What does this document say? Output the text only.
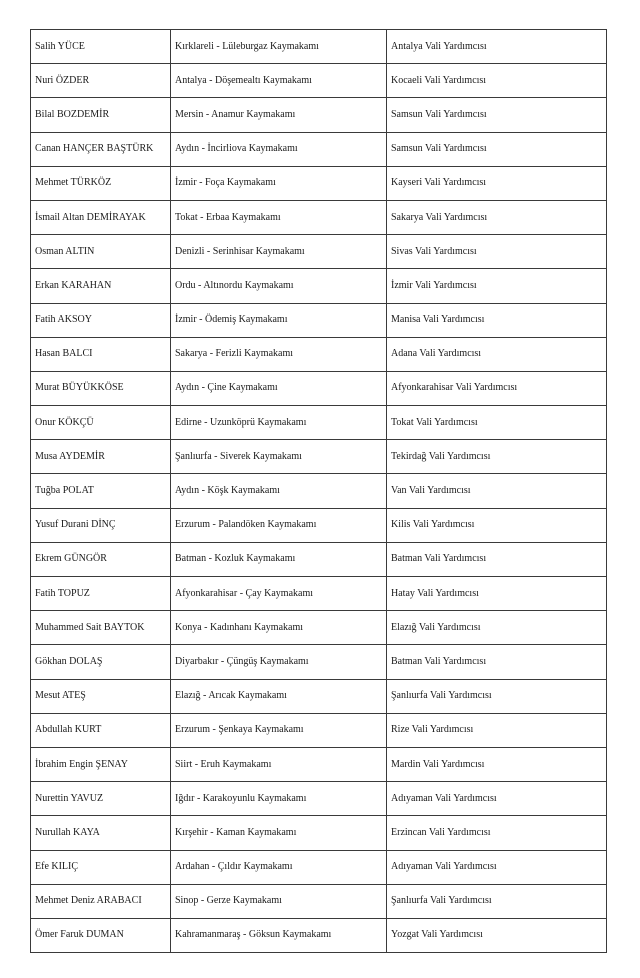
Salih YÜCE	Kırklareli - Lüleburgaz Kaymakamı	Antalya Vali Yardımcısı
Nuri ÖZDER	Antalya - Döşemealtı Kaymakamı	Kocaeli Vali Yardımcısı
Bilal BOZDEMİR	Mersin - Anamur Kaymakamı	Samsun Vali Yardımcısı
Canan HANÇER BAŞTÜRK	Aydın - İncirliova Kaymakamı	Samsun Vali Yardımcısı
Mehmet TÜRKÖZ	İzmir - Foça Kaymakamı	Kayseri Vali Yardımcısı
İsmail Altan DEMİRAYAK	Tokat - Erbaa Kaymakamı	Sakarya Vali Yardımcısı
Osman ALTIN	Denizli - Serinhisar Kaymakamı	Sivas Vali Yardımcısı
Erkan KARAHAN	Ordu - Altınordu Kaymakamı	İzmir Vali Yardımcısı
Fatih AKSOY	İzmir - Ödemiş Kaymakamı	Manisa Vali Yardımcısı
Hasan BALCI	Sakarya - Ferizli Kaymakamı	Adana Vali Yardımcısı
Murat BÜYÜKKÖSE	Aydın - Çine Kaymakamı	Afyonkarahisar Vali Yardımcısı
Onur KÖKÇÜ	Edirne - Uzunköprü Kaymakamı	Tokat Vali Yardımcısı
Musa AYDEMİR	Şanlıurfa - Siverek Kaymakamı	Tekirdağ Vali Yardımcısı
Tuğba POLAT	Aydın - Köşk Kaymakamı	Van Vali Yardımcısı
Yusuf Durani DİNÇ	Erzurum - Palandöken Kaymakamı	Kilis Vali Yardımcısı
Ekrem GÜNGÖR	Batman - Kozluk Kaymakamı	Batman Vali Yardımcısı
Fatih TOPUZ	Afyonkarahisar - Çay Kaymakamı	Hatay Vali Yardımcısı
Muhammed Sait BAYTOK	Konya - Kadınhanı Kaymakamı	Elazığ Vali Yardımcısı
Gökhan DOLAŞ	Diyarbakır - Çüngüş Kaymakamı	Batman Vali Yardımcısı
Mesut ATEŞ	Elazığ - Arıcak Kaymakamı	Şanlıurfa Vali Yardımcısı
Abdullah KURT	Erzurum - Şenkaya Kaymakamı	Rize Vali Yardımcısı
İbrahim Engin ŞENAY	Siirt - Eruh Kaymakamı	Mardin Vali Yardımcısı
Nurettin YAVUZ	Iğdır - Karakoyunlu Kaymakamı	Adıyaman Vali Yardımcısı
Nurullah KAYA	Kırşehir - Kaman Kaymakamı	Erzincan Vali Yardımcısı
Efe KILIÇ	Ardahan - Çıldır Kaymakamı	Adıyaman Vali Yardımcısı
Mehmet Deniz ARABACI	Sinop - Gerze Kaymakamı	Şanlıurfa Vali Yardımcısı
Ömer Faruk DUMAN	Kahramanmaraş - Göksun Kaymakamı	Yozgat Vali Yardımcısı
